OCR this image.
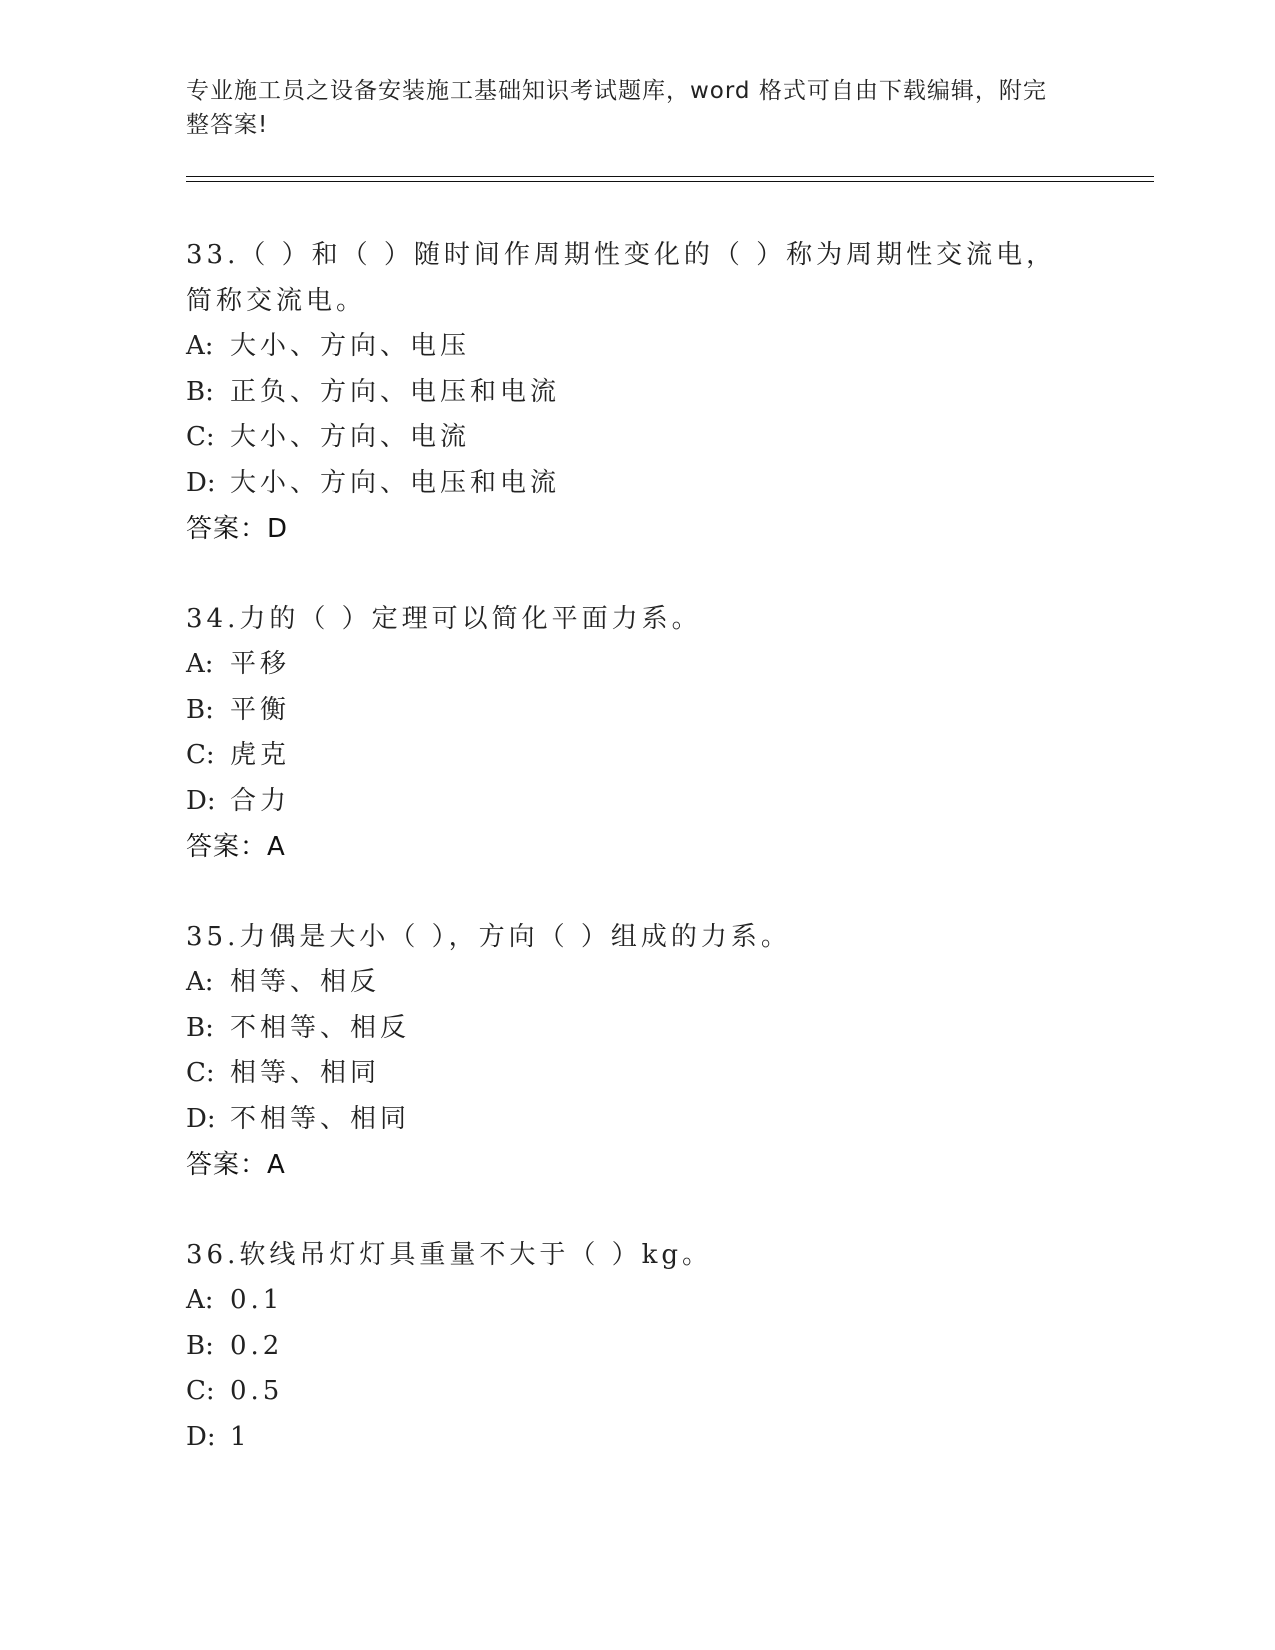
专业施工员之设备安装施工基础知识考试题库，word 格式可自由下载编辑，附完整答案!
33.（ ）和（ ）随时间作周期性变化的（ ）称为周期性交流电，简称交流电。
A: 大小、方向、电压
B: 正负、方向、电压和电流
C: 大小、方向、电流
D: 大小、方向、电压和电流
答案：D
34.力的（ ）定理可以简化平面力系。
A: 平移
B: 平衡
C: 虎克
D: 合力
答案：A
35.力偶是大小（ ），方向（ ）组成的力系。
A: 相等、相反
B: 不相等、相反
C: 相等、相同
D: 不相等、相同
答案：A
36.软线吊灯灯具重量不大于（ ）kg。
A: 0.1
B: 0.2
C: 0.5
D: 1
